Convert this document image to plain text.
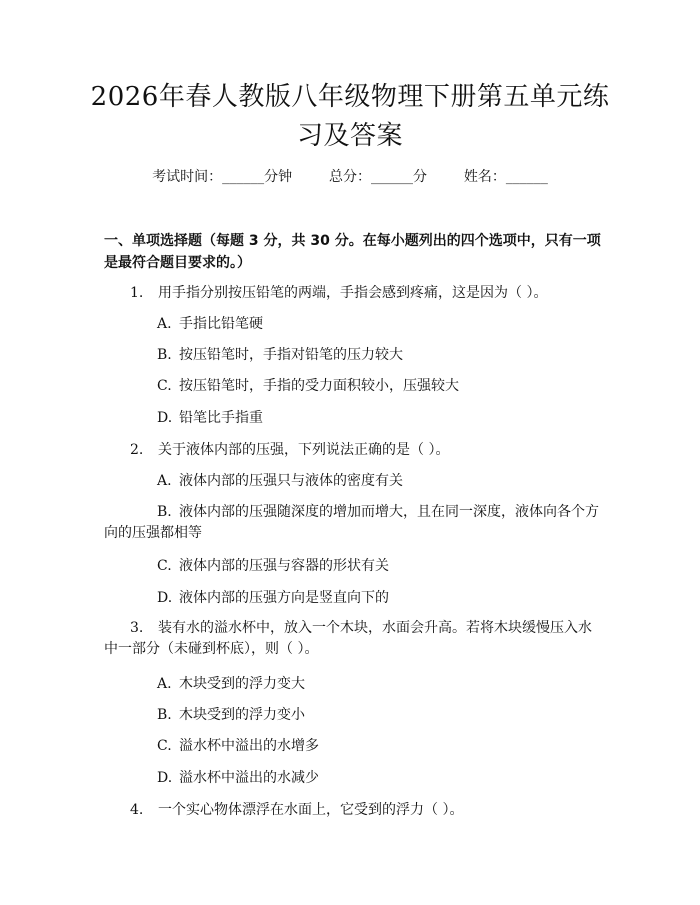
2026年春人教版八年级物理下册第五单元练习及答案
考试时间：______分钟	总分：______分	姓名：______
一、单项选择题（每题 3 分，共 30 分。在每小题列出的四个选项中，只有一项是最符合题目要求的。）
1. 用手指分别按压铅笔的两端，手指会感到疼痛，这是因为（ ）。
A. 手指比铅笔硬
B. 按压铅笔时，手指对铅笔的压力较大
C. 按压铅笔时，手指的受力面积较小，压强较大
D. 铅笔比手指重
2. 关于液体内部的压强，下列说法正确的是（ ）。
A. 液体内部的压强只与液体的密度有关
B. 液体内部的压强随深度的增加而增大，且在同一深度，液体向各个方向的压强都相等
C. 液体内部的压强与容器的形状有关
D. 液体内部的压强方向是竖直向下的
3. 装有水的溢水杯中，放入一个木块，水面会升高。若将木块缓慢压入水中一部分（未碰到杯底），则（ ）。
A. 木块受到的浮力变大
B. 木块受到的浮力变小
C. 溢水杯中溢出的水增多
D. 溢水杯中溢出的水减少
4. 一个实心物体漂浮在水面上，它受到的浮力（ ）。
